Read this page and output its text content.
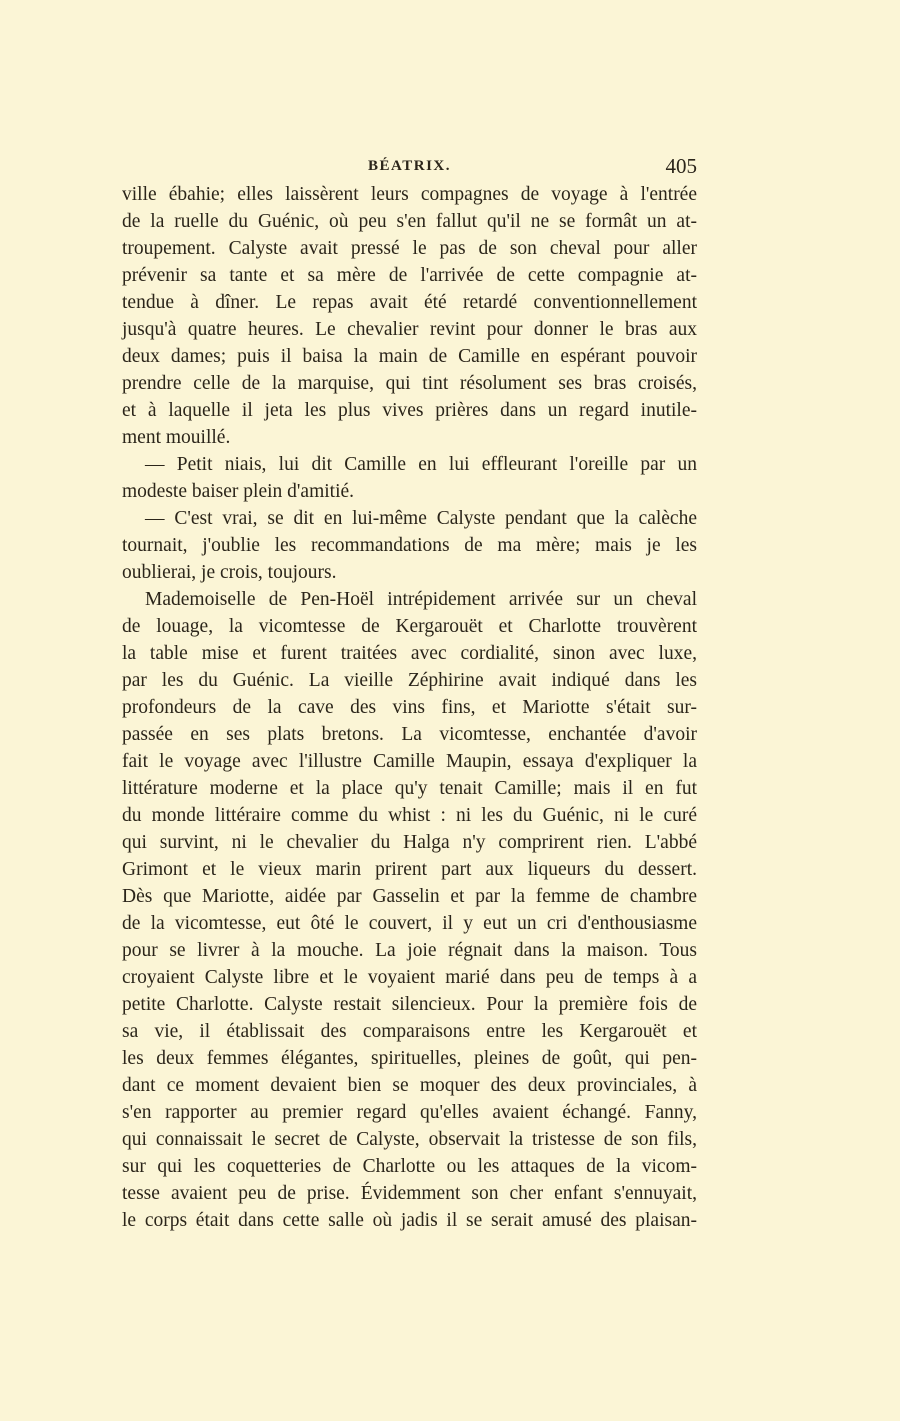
BÉATRIX.	405
ville ébahie; elles laissèrent leurs compagnes de voyage à l'entrée
de la ruelle du Guénic, où peu s'en fallut qu'il ne se formât un at-
troupement. Calyste avait pressé le pas de son cheval pour aller
prévenir sa tante et sa mère de l'arrivée de cette compagnie at-
tendue à dîner. Le repas avait été retardé conventionnellement
jusqu'à quatre heures. Le chevalier revint pour donner le bras aux
deux dames; puis il baisa la main de Camille en espérant pouvoir
prendre celle de la marquise, qui tint résolument ses bras croisés,
et à laquelle il jeta les plus vives prières dans un regard inutile-
ment mouillé.
— Petit niais, lui dit Camille en lui effleurant l'oreille par un
modeste baiser plein d'amitié.
— C'est vrai, se dit en lui-même Calyste pendant que la calèche
tournait, j'oublie les recommandations de ma mère; mais je les
oublierai, je crois, toujours.
Mademoiselle de Pen-Hoël intrépidement arrivée sur un cheval
de louage, la vicomtesse de Kergarouët et Charlotte trouvèrent
la table mise et furent traitées avec cordialité, sinon avec luxe,
par les du Guénic. La vieille Zéphirine avait indiqué dans les
profondeurs de la cave des vins fins, et Mariotte s'était sur-
passée en ses plats bretons. La vicomtesse, enchantée d'avoir
fait le voyage avec l'illustre Camille Maupin, essaya d'expliquer la
littérature moderne et la place qu'y tenait Camille; mais il en fut
du monde littéraire comme du whist : ni les du Guénic, ni le curé
qui survint, ni le chevalier du Halga n'y comprirent rien. L'abbé
Grimont et le vieux marin prirent part aux liqueurs du dessert.
Dès que Mariotte, aidée par Gasselin et par la femme de chambre
de la vicomtesse, eut ôté le couvert, il y eut un cri d'enthousiasme
pour se livrer à la mouche. La joie régnait dans la maison. Tous
croyaient Calyste libre et le voyaient marié dans peu de temps à a
petite Charlotte. Calyste restait silencieux. Pour la première fois de
sa vie, il établissait des comparaisons entre les Kergarouët et
les deux femmes élégantes, spirituelles, pleines de goût, qui pen-
dant ce moment devaient bien se moquer des deux provinciales, à
s'en rapporter au premier regard qu'elles avaient échangé. Fanny,
qui connaissait le secret de Calyste, observait la tristesse de son fils,
sur qui les coquetteries de Charlotte ou les attaques de la vicom-
tesse avaient peu de prise. Évidemment son cher enfant s'ennuyait,
le corps était dans cette salle où jadis il se serait amusé des plaisan-
